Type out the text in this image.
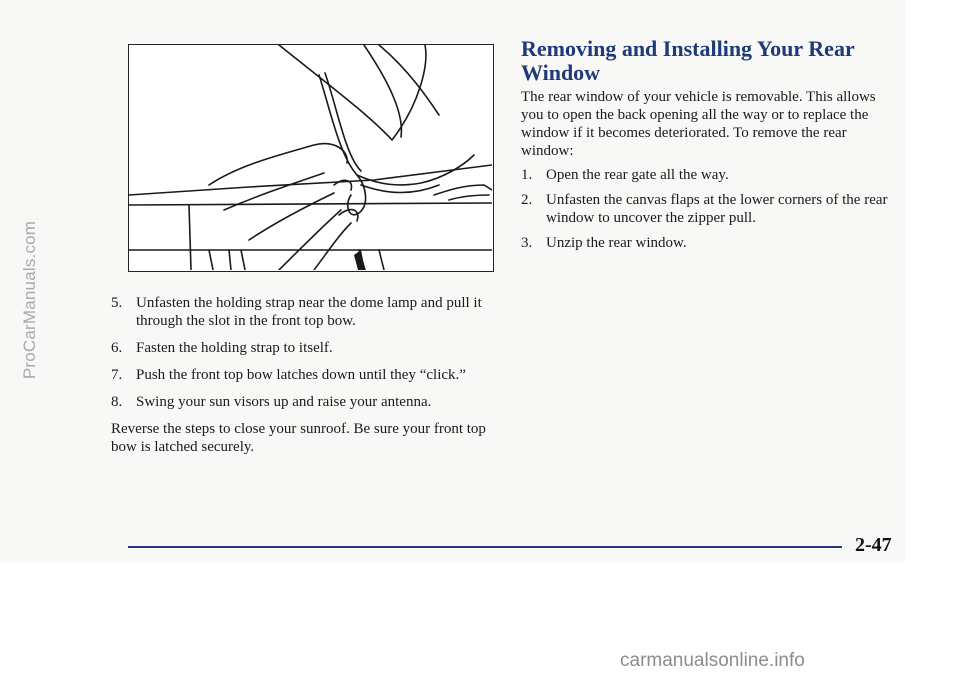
ProCarManuals.com	5. Unfasten the holding strap near the dome lamp and pull it through the slot in the front top bow.
6. Fasten the holding strap to itself.
7. Push the front top bow latches down until they “click.”
8. Swing your sun visors up and raise your antenna.
Reverse the steps to close your sunroof. Be sure your front top bow is latched securely.
Removing and Installing Your Rear Window
The rear window of your vehicle is removable. This allows you to open the back opening all the way or to replace the window if it becomes deteriorated. To remove the rear window:
1. Open the rear gate all the way.
2. Unfasten the canvas flaps at the lower corners of the rear window to uncover the zipper pull.
3. Unzip the rear window.
2-47
carmanualsonline.info
